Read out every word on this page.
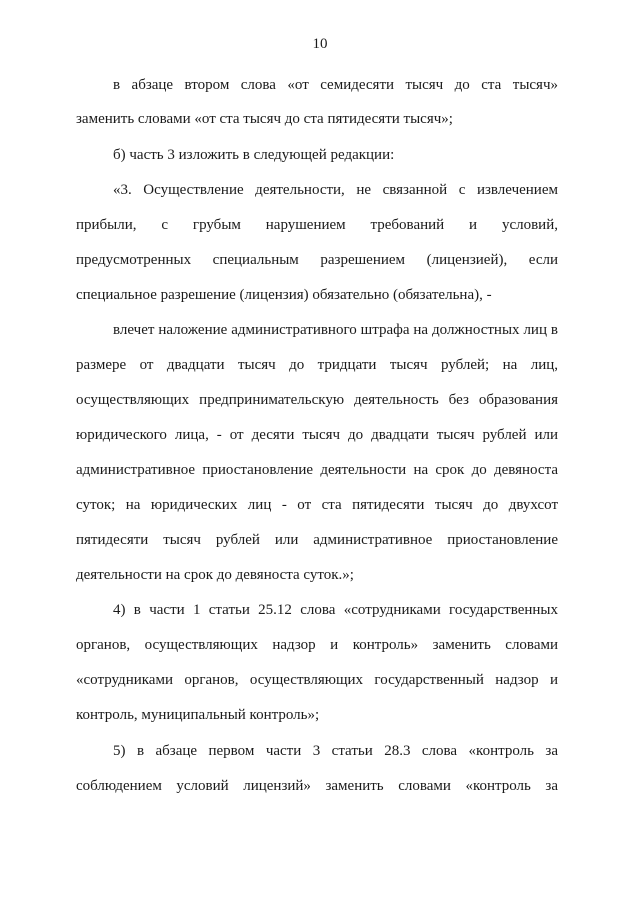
10
в абзаце втором слова «от семидесяти тысяч до ста тысяч»
заменить словами «от ста тысяч до ста пятидесяти тысяч»;
б) часть 3 изложить в следующей редакции:
«3. Осуществление деятельности, не связанной с извлечением
прибыли, с грубым нарушением требований и условий,
предусмотренных специальным разрешением (лицензией), если
специальное разрешение (лицензия) обязательно (обязательна), -
влечет наложение административного штрафа на должностных лиц в
размере от двадцати тысяч до тридцати тысяч рублей; на лиц,
осуществляющих предпринимательскую деятельность без образования
юридического лица, - от десяти тысяч до двадцати тысяч рублей или
административное приостановление деятельности на срок до девяноста
суток; на юридических лиц - от ста пятидесяти тысяч до двухсот
пятидесяти тысяч рублей или административное приостановление
деятельности на срок до девяноста суток.»;
4) в части 1 статьи 25.12 слова «сотрудниками государственных
органов, осуществляющих надзор и контроль» заменить словами
«сотрудниками органов, осуществляющих государственный надзор и
контроль, муниципальный контроль»;
5) в абзаце первом части 3 статьи 28.3 слова «контроль за
соблюдением условий лицензий» заменить словами «контроль за
